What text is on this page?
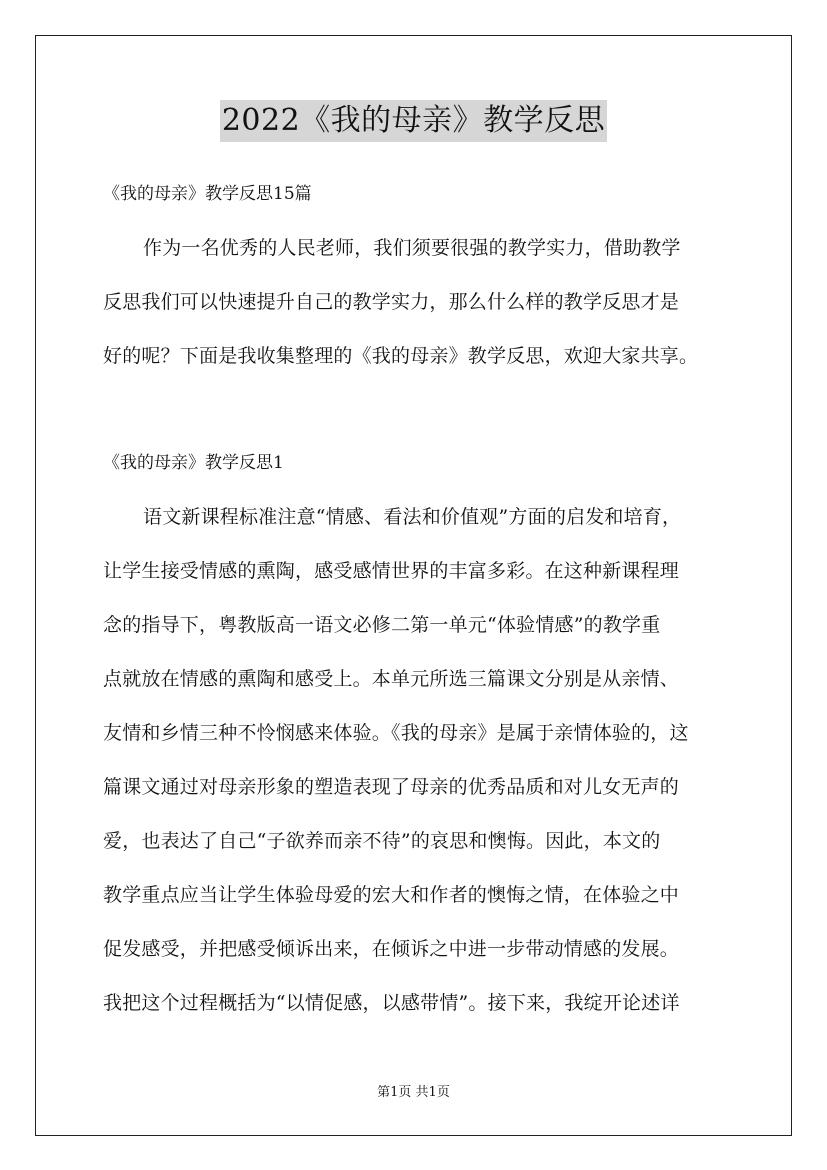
2022《我的母亲》教学反思
《我的母亲》教学反思15篇
作为一名优秀的人民老师，我们须要很强的教学实力，借助教学
反思我们可以快速提升自己的教学实力，那么什么样的教学反思才是
好的呢？下面是我收集整理的《我的母亲》教学反思，欢迎大家共享。
《我的母亲》教学反思1
语文新课程标准注意“情感、看法和价值观”方面的启发和培育，
让学生接受情感的熏陶，感受感情世界的丰富多彩。在这种新课程理
念的指导下，粤教版高一语文必修二第一单元“体验情感”的教学重
点就放在情感的熏陶和感受上。本单元所选三篇课文分别是从亲情、
友情和乡情三种不怜悯感来体验。《我的母亲》是属于亲情体验的，这
篇课文通过对母亲形象的塑造表现了母亲的优秀品质和对儿女无声的
爱，也表达了自己“子欲养而亲不待”的哀思和懊悔。因此，本文的
教学重点应当让学生体验母爱的宏大和作者的懊悔之情，在体验之中
促发感受，并把感受倾诉出来，在倾诉之中进一步带动情感的发展。
我把这个过程概括为“以情促感，以感带情”。接下来，我绽开论述详
第1页 共1页
